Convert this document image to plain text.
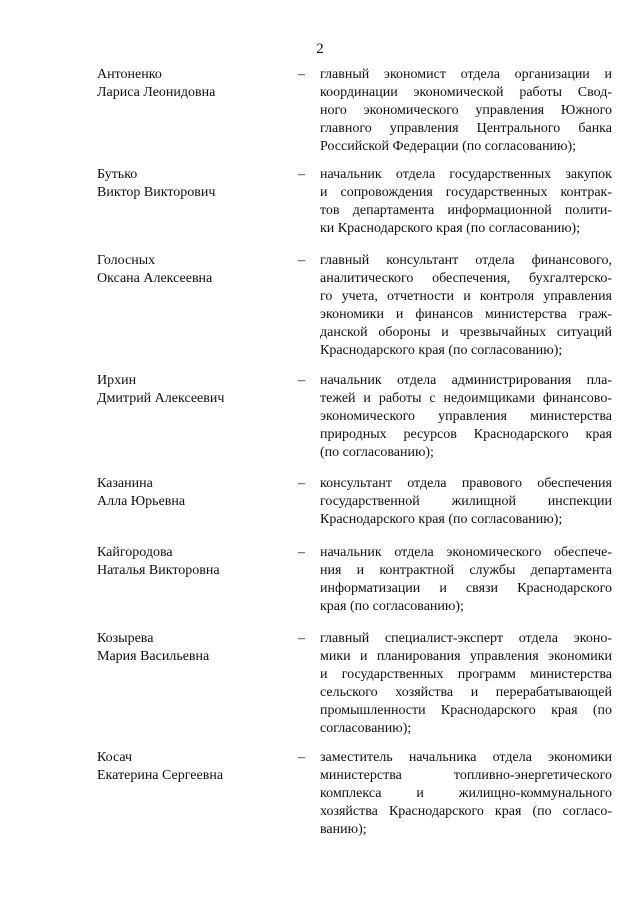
2
Антоненко
Лариса Леонидовна
– главный экономист отдела организации и
координации экономической работы Свод-
ного экономического управления Южного
главного управления Центрального банка
Российской Федерации (по согласованию);
Бутько
Виктор Викторович
– начальник отдела государственных закупок
и сопровождения государственных контрак-
тов департамента информационной полити-
ки Краснодарского края (по согласованию);
Голосных
Оксана Алексеевна
– главный консультант отдела финансового,
аналитического обеспечения, бухгалтерско-
го учета, отчетности и контроля управления
экономики и финансов министерства граж-
данской обороны и чрезвычайных ситуаций
Краснодарского края (по согласованию);
Ирхин
Дмитрий Алексеевич
– начальник отдела администрирования пла-
тежей и работы с недоимщиками финансово-
экономического управления министерства
природных ресурсов Краснодарского края
(по согласованию);
Казанина
Алла Юрьевна
– консультант отдела правового обеспечения
государственной жилищной инспекции
Краснодарского края (по согласованию);
Кайгородова
Наталья Викторовна
– начальник отдела экономического обеспече-
ния и контрактной службы департамента
информатизации и связи Краснодарского
края (по согласованию);
Козырева
Мария Васильевна
– главный специалист-эксперт отдела эконо-
мики и планирования управления экономики
и государственных программ министерства
сельского хозяйства и перерабатывающей
промышленности Краснодарского края (по
согласованию);
Косач
Екатерина Сергеевна
– заместитель начальника отдела экономики
министерства топливно-энергетического
комплекса и жилищно-коммунального
хозяйства Краснодарского края (по согласо-
ванию);
